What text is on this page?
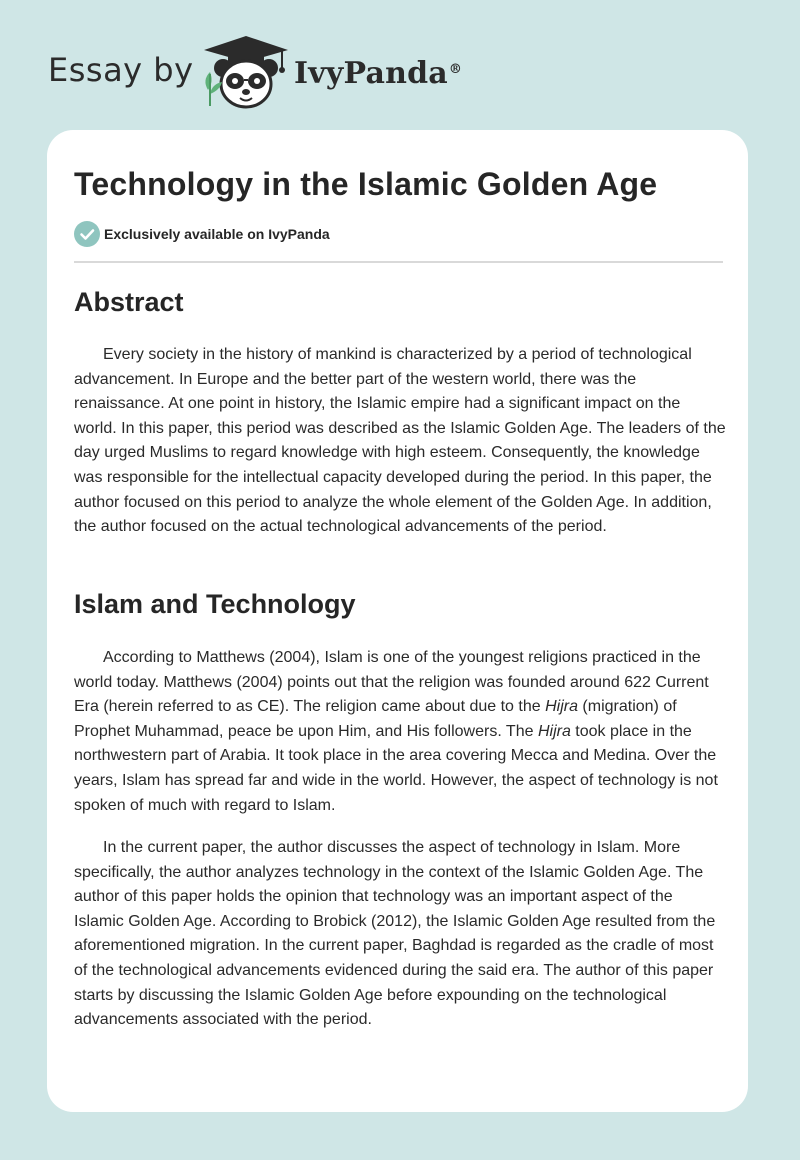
Essay by	IvyPanda®
Technology in the Islamic Golden Age
Exclusively available on IvyPanda
Abstract

Every society in the history of mankind is characterized by a period of technological advancement. In Europe and the better part of the western world, there was the renaissance. At one point in history, the Islamic empire had a significant impact on the world. In this paper, this period was described as the Islamic Golden Age. The leaders of the day urged Muslims to regard knowledge with high esteem. Consequently, the knowledge was responsible for the intellectual capacity developed during the period. In this paper, the author focused on this period to analyze the whole element of the Golden Age. In addition, the author focused on the actual technological advancements of the period.

Islam and Technology

According to Matthews (2004), Islam is one of the youngest religions practiced in the world today. Matthews (2004) points out that the religion was founded around 622 Current Era (herein referred to as CE). The religion came about due to the Hijra (migration) of Prophet Muhammad, peace be upon Him, and His followers. The Hijra took place in the northwestern part of Arabia. It took place in the area covering Mecca and Medina. Over the years, Islam has spread far and wide in the world. However, the aspect of technology is not spoken of much with regard to Islam.

In the current paper, the author discusses the aspect of technology in Islam. More specifically, the author analyzes technology in the context of the Islamic Golden Age. The author of this paper holds the opinion that technology was an important aspect of the Islamic Golden Age. According to Brobick (2012), the Islamic Golden Age resulted from the aforementioned migration. In the current paper, Baghdad is regarded as the cradle of most of the technological advancements evidenced during the said era. The author of this paper starts by discussing the Islamic Golden Age before expounding on the technological advancements associated with the period.
